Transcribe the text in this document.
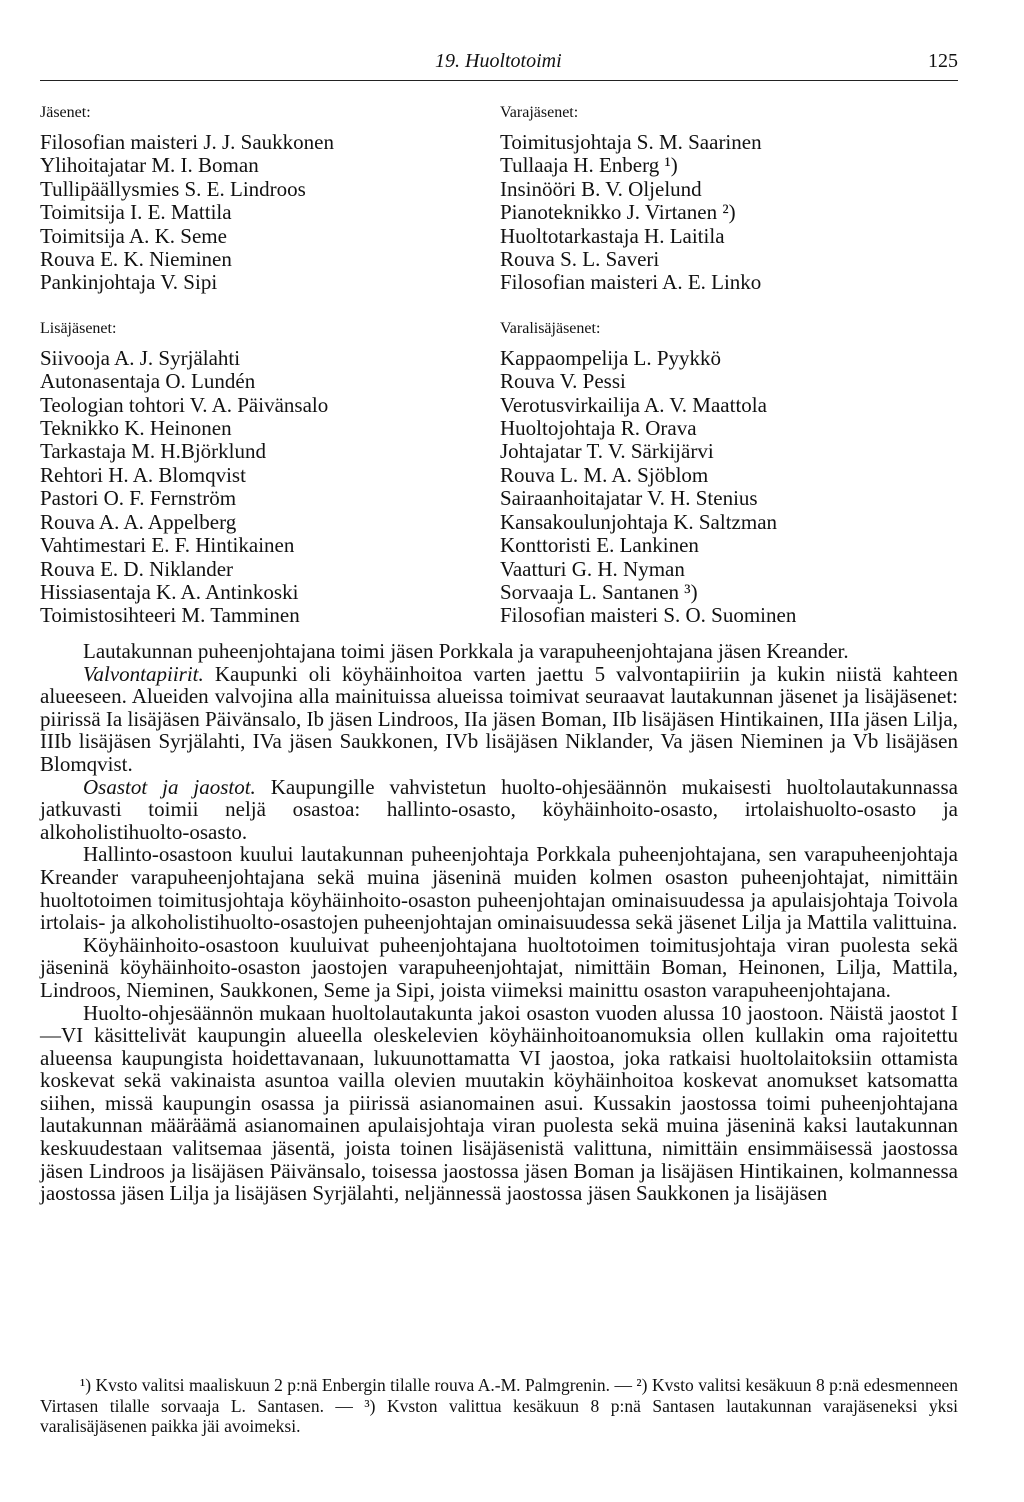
19. Huoltotoimi	125
Jäsenet:
Filosofian maisteri J. J. Saukkonen
Ylihoitajatar M. I. Boman
Tullipäällysmies S. E. Lindroos
Toimitsija I. E. Mattila
Toimitsija A. K. Seme
Rouva E. K. Nieminen
Pankinjohtaja V. Sipi
Lisäjäsenet:
Siivooja A. J. Syrjälahti
Autonasentaja O. Lundén
Teologian tohtori V. A. Päivänsalo
Teknikko K. Heinonen
Tarkastaja M. H.Björklund
Rehtori H. A. Blomqvist
Pastori O. F. Fernström
Rouva A. A. Appelberg
Vahtimestari E. F. Hintikainen
Rouva E. D. Niklander
Hissiasentaja K. A. Antinkoski
Toimistosihteeri M. Tamminen
Varajäsenet:
Toimitusjohtaja S. M. Saarinen
Tullaaja H. Enberg ¹)
Insinööri B. V. Oljelund
Pianoteknikko J. Virtanen ²)
Huoltotarkastaja H. Laitila
Rouva S. L. Saveri
Filosofian maisteri A. E. Linko
Varalisäjäsenet:
Kappaompelija L. Pyykkö
Rouva V. Pessi
Verotusvirkailija A. V. Maattola
Huoltojohtaja R. Orava
Johtajatar T. V. Särkijärvi
Rouva L. M. A. Sjöblom
Sairaanhoitajatar V. H. Stenius
Kansakoulunjohtaja K. Saltzman
Konttoristi E. Lankinen
Vaatturi G. H. Nyman
Sorvaaja L. Santanen ³)
Filosofian maisteri S. O. Suominen

Lautakunnan puheenjohtajana toimi jäsen Porkkala ja varapuheenjohtajana jäsen Kreander.

Valvontapiirit. Kaupunki oli köyhäinhoitoa varten jaettu 5 valvontapiiriin ja kukin niistä kahteen alueeseen. Alueiden valvojina alla mainituissa alueissa toimivat seuraavat lautakunnan jäsenet ja lisäjäsenet: piirissä Ia lisäjäsen Päivänsalo, Ib jäsen Lindroos, IIa jäsen Boman, IIb lisäjäsen Hintikainen, IIIa jäsen Lilja, IIIb lisäjäsen Syrjälahti, IVa jäsen Saukkonen, IVb lisäjäsen Niklander, Va jäsen Nieminen ja Vb lisäjäsen Blomqvist.

Osastot ja jaostot. Kaupungille vahvistetun huolto-ohjesäännön mukaisesti huoltolautakunnassa jatkuvasti toimii neljä osastoa: hallinto-osasto, köyhäinhoito-osasto, irtolaishuolto-osasto ja alkoholistihuolto-osasto.

Hallinto-osastoon kuului lautakunnan puheenjohtaja Porkkala puheenjohtajana, sen varapuheenjohtaja Kreander varapuheenjohtajana sekä muina jäseninä muiden kolmen osaston puheenjohtajat, nimittäin huoltotoimen toimitusjohtaja köyhäinhoito-osaston puheenjohtajan ominaisuudessa ja apulaisjohtaja Toivola irtolais- ja alkoholistihuolto-osastojen puheenjohtajan ominaisuudessa sekä jäsenet Lilja ja Mattila valittuina.

Köyhäinhoito-osastoon kuuluivat puheenjohtajana huoltotoimen toimitusjohtaja viran puolesta sekä jäseninä köyhäinhoito-osaston jaostojen varapuheenjohtajat, nimittäin Boman, Heinonen, Lilja, Mattila, Lindroos, Nieminen, Saukkonen, Seme ja Sipi, joista viimeksi mainittu osaston varapuheenjohtajana.

Huolto-ohjesäännön mukaan huoltolautakunta jakoi osaston vuoden alussa 10 jaostoon. Näistä jaostot I—VI käsittelivät kaupungin alueella oleskelevien köyhäinhoitoanomuksia ollen kullakin oma rajoitettu alueensa kaupungista hoidettavanaan, lukuunottamatta VI jaostoa, joka ratkaisi huoltolaitoksiin ottamista koskevat sekä vakinaista asuntoa vailla olevien muutakin köyhäinhoitoa koskevat anomukset katsomatta siihen, missä kaupungin osassa ja piirissä asianomainen asui. Kussakin jaostossa toimi puheenjohtajana lautakunnan määräämä asianomainen apulaisjohtaja viran puolesta sekä muina jäseninä kaksi lautakunnan keskuudestaan valitsemaa jäsentä, joista toinen lisäjäsenistä valittuna, nimittäin ensimmäisessä jaostossa jäsen Lindroos ja lisäjäsen Päivänsalo, toisessa jaostossa jäsen Boman ja lisäjäsen Hintikainen, kolmannessa jaostossa jäsen Lilja ja lisäjäsen Syrjälahti, neljännessä jaostossa jäsen Saukkonen ja lisäjäsen

¹) Kvsto valitsi maaliskuun 2 p:nä Enbergin tilalle rouva A.-M. Palmgrenin. — ²) Kvsto valitsi kesäkuun 8 p:nä edesmenneen Virtasen tilalle sorvaaja L. Santasen. — ³) Kvston valittua kesäkuun 8 p:nä Santasen lautakunnan varajäseneksi yksi varalisäjäsenen paikka jäi avoimeksi.
